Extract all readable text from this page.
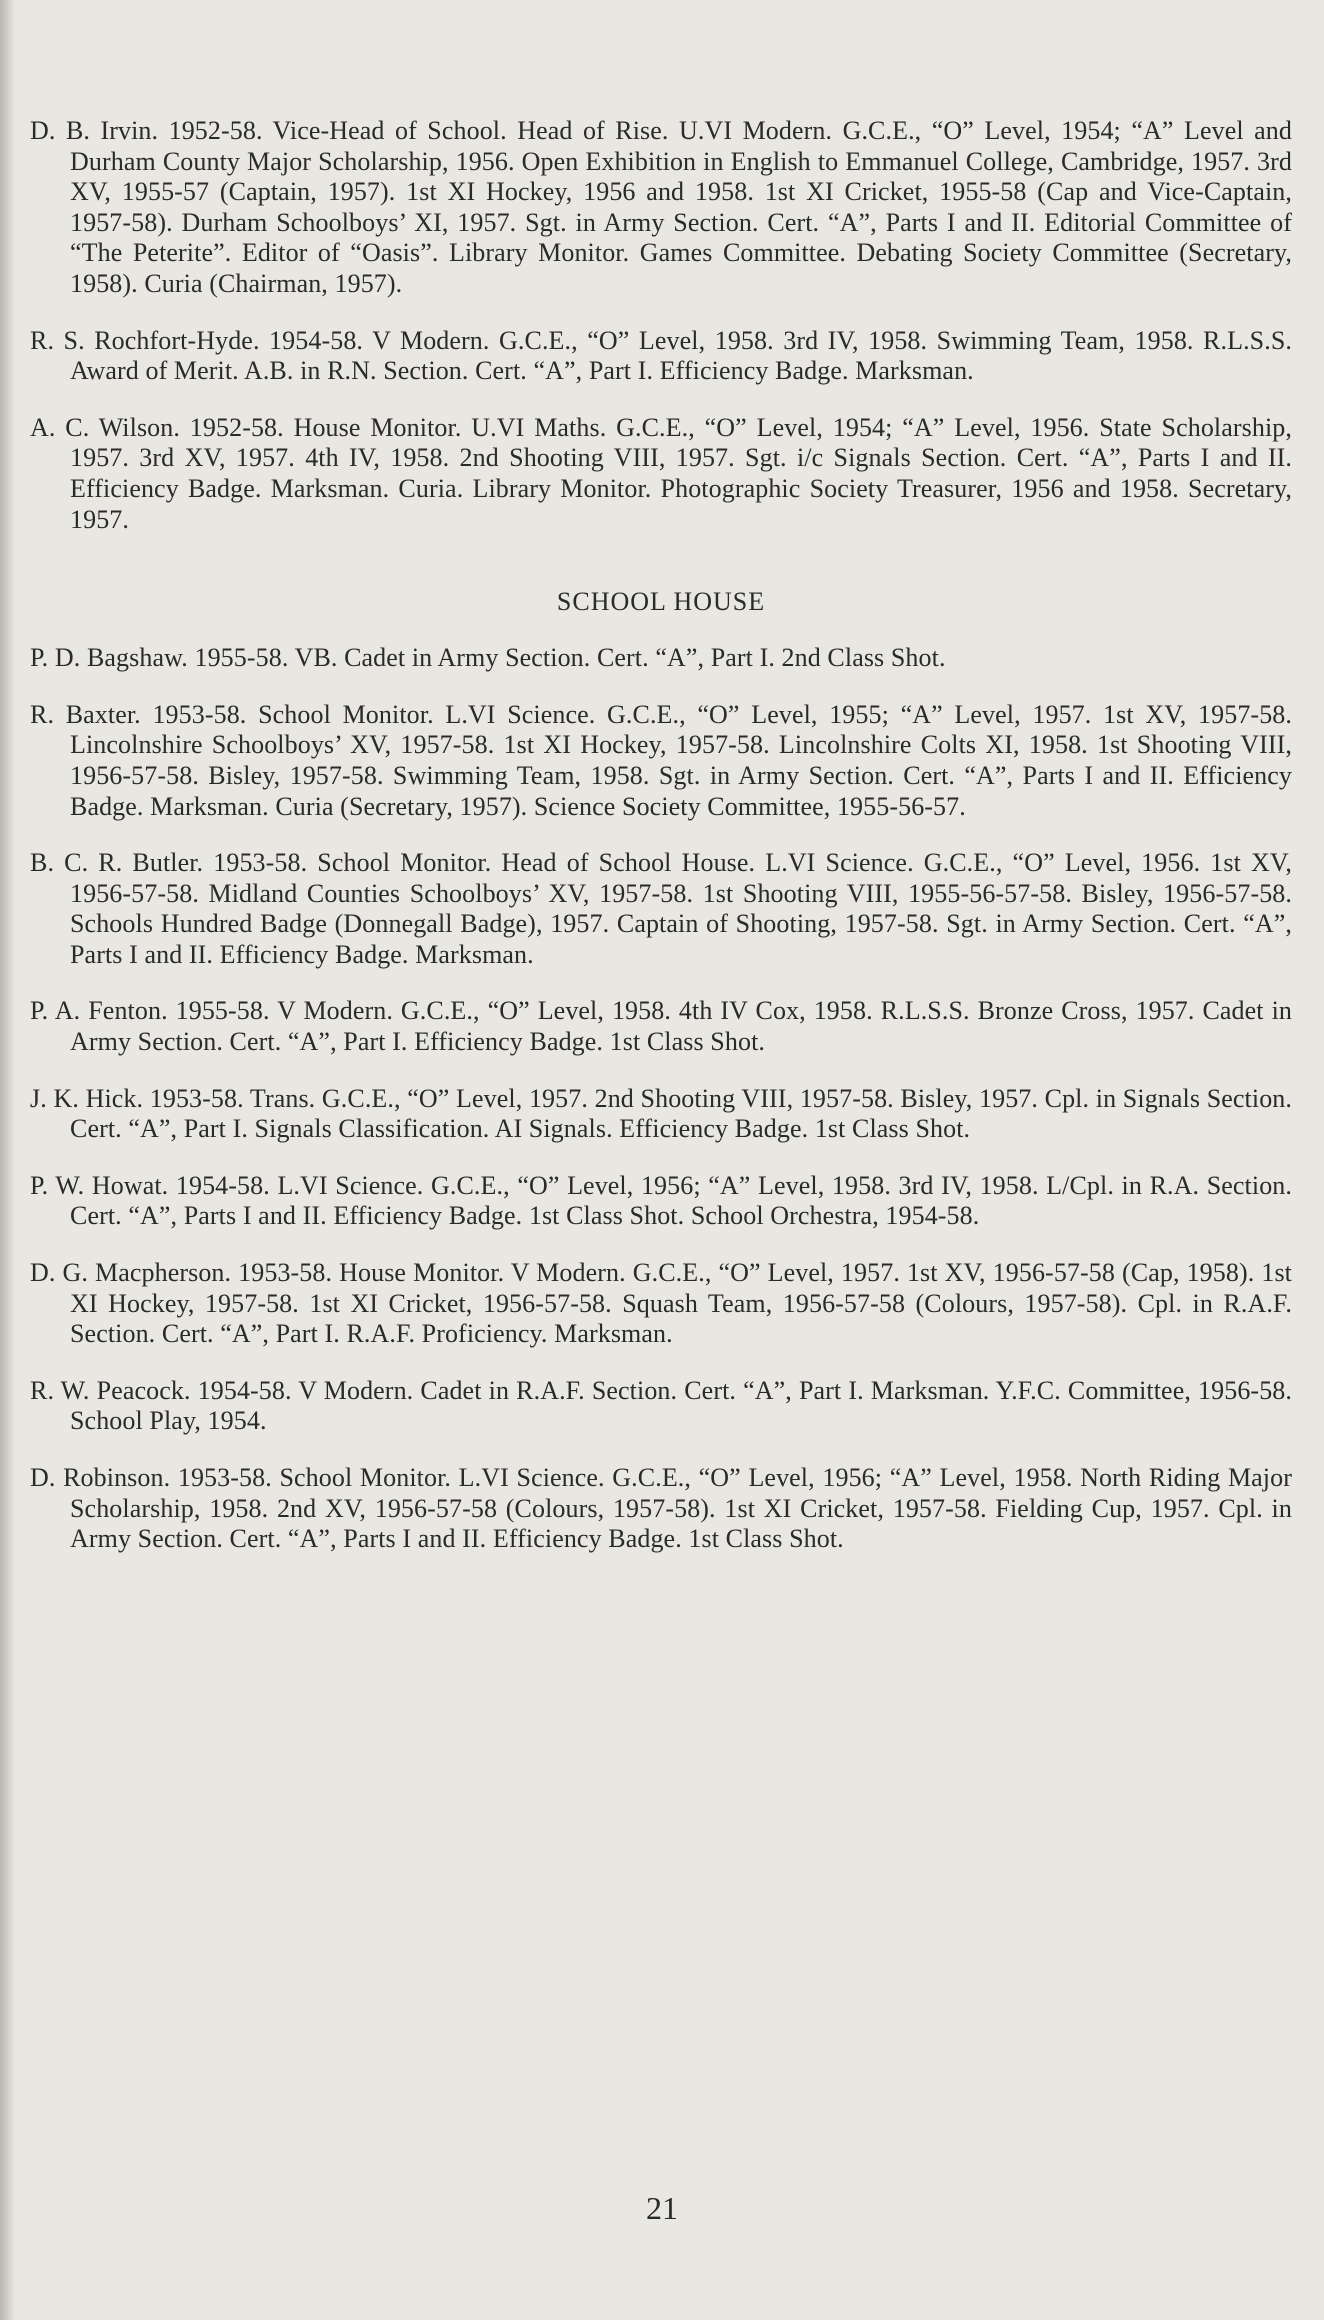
D. B. Irvin. 1952-58. Vice-Head of School. Head of Rise. U.VI Modern. G.C.E., “O” Level, 1954; “A” Level and Durham County Major Scholarship, 1956. Open Exhibition in English to Emmanuel College, Cambridge, 1957. 3rd XV, 1955-57 (Captain, 1957). 1st XI Hockey, 1956 and 1958. 1st XI Cricket, 1955-58 (Cap and Vice-Captain, 1957-58). Durham Schoolboys’ XI, 1957. Sgt. in Army Section. Cert. “A”, Parts I and II. Editorial Committee of “The Peterite”. Editor of “Oasis”. Library Monitor. Games Committee. Debating Society Committee (Secretary, 1958). Curia (Chairman, 1957).

R. S. Rochfort-Hyde. 1954-58. V Modern. G.C.E., “O” Level, 1958. 3rd IV, 1958. Swimming Team, 1958. R.L.S.S. Award of Merit. A.B. in R.N. Section. Cert. “A”, Part I. Efficiency Badge. Marksman.

A. C. Wilson. 1952-58. House Monitor. U.VI Maths. G.C.E., “O” Level, 1954; “A” Level, 1956. State Scholarship, 1957. 3rd XV, 1957. 4th IV, 1958. 2nd Shooting VIII, 1957. Sgt. i/c Signals Section. Cert. “A”, Parts I and II. Efficiency Badge. Marksman. Curia. Library Monitor. Photographic Society Treasurer, 1956 and 1958. Secretary, 1957.

SCHOOL HOUSE

P. D. Bagshaw. 1955-58. VB. Cadet in Army Section. Cert. “A”, Part I. 2nd Class Shot.

R. Baxter. 1953-58. School Monitor. L.VI Science. G.C.E., “O” Level, 1955; “A” Level, 1957. 1st XV, 1957-58. Lincolnshire Schoolboys’ XV, 1957-58. 1st XI Hockey, 1957-58. Lincolnshire Colts XI, 1958. 1st Shooting VIII, 1956-57-58. Bisley, 1957-58. Swimming Team, 1958. Sgt. in Army Section. Cert. “A”, Parts I and II. Efficiency Badge. Marksman. Curia (Secretary, 1957). Science Society Committee, 1955-56-57.

B. C. R. Butler. 1953-58. School Monitor. Head of School House. L.VI Science. G.C.E., “O” Level, 1956. 1st XV, 1956-57-58. Midland Counties Schoolboys’ XV, 1957-58. 1st Shooting VIII, 1955-56-57-58. Bisley, 1956-57-58. Schools Hundred Badge (Donnegall Badge), 1957. Captain of Shooting, 1957-58. Sgt. in Army Section. Cert. “A”, Parts I and II. Efficiency Badge. Marksman.

P. A. Fenton. 1955-58. V Modern. G.C.E., “O” Level, 1958. 4th IV Cox, 1958. R.L.S.S. Bronze Cross, 1957. Cadet in Army Section. Cert. “A”, Part I. Efficiency Badge. 1st Class Shot.

J. K. Hick. 1953-58. Trans. G.C.E., “O” Level, 1957. 2nd Shooting VIII, 1957-58. Bisley, 1957. Cpl. in Signals Section. Cert. “A”, Part I. Signals Classification. AI Signals. Efficiency Badge. 1st Class Shot.

P. W. Howat. 1954-58. L.VI Science. G.C.E., “O” Level, 1956; “A” Level, 1958. 3rd IV, 1958. L/Cpl. in R.A. Section. Cert. “A”, Parts I and II. Efficiency Badge. 1st Class Shot. School Orchestra, 1954-58.

D. G. Macpherson. 1953-58. House Monitor. V Modern. G.C.E., “O” Level, 1957. 1st XV, 1956-57-58 (Cap, 1958). 1st XI Hockey, 1957-58. 1st XI Cricket, 1956-57-58. Squash Team, 1956-57-58 (Colours, 1957-58). Cpl. in R.A.F. Section. Cert. “A”, Part I. R.A.F. Proficiency. Marksman.

R. W. Peacock. 1954-58. V Modern. Cadet in R.A.F. Section. Cert. “A”, Part I. Marksman. Y.F.C. Committee, 1956-58. School Play, 1954.

D. Robinson. 1953-58. School Monitor. L.VI Science. G.C.E., “O” Level, 1956; “A” Level, 1958. North Riding Major Scholarship, 1958. 2nd XV, 1956-57-58 (Colours, 1957-58). 1st XI Cricket, 1957-58. Fielding Cup, 1957. Cpl. in Army Section. Cert. “A”, Parts I and II. Efficiency Badge. 1st Class Shot.

21
